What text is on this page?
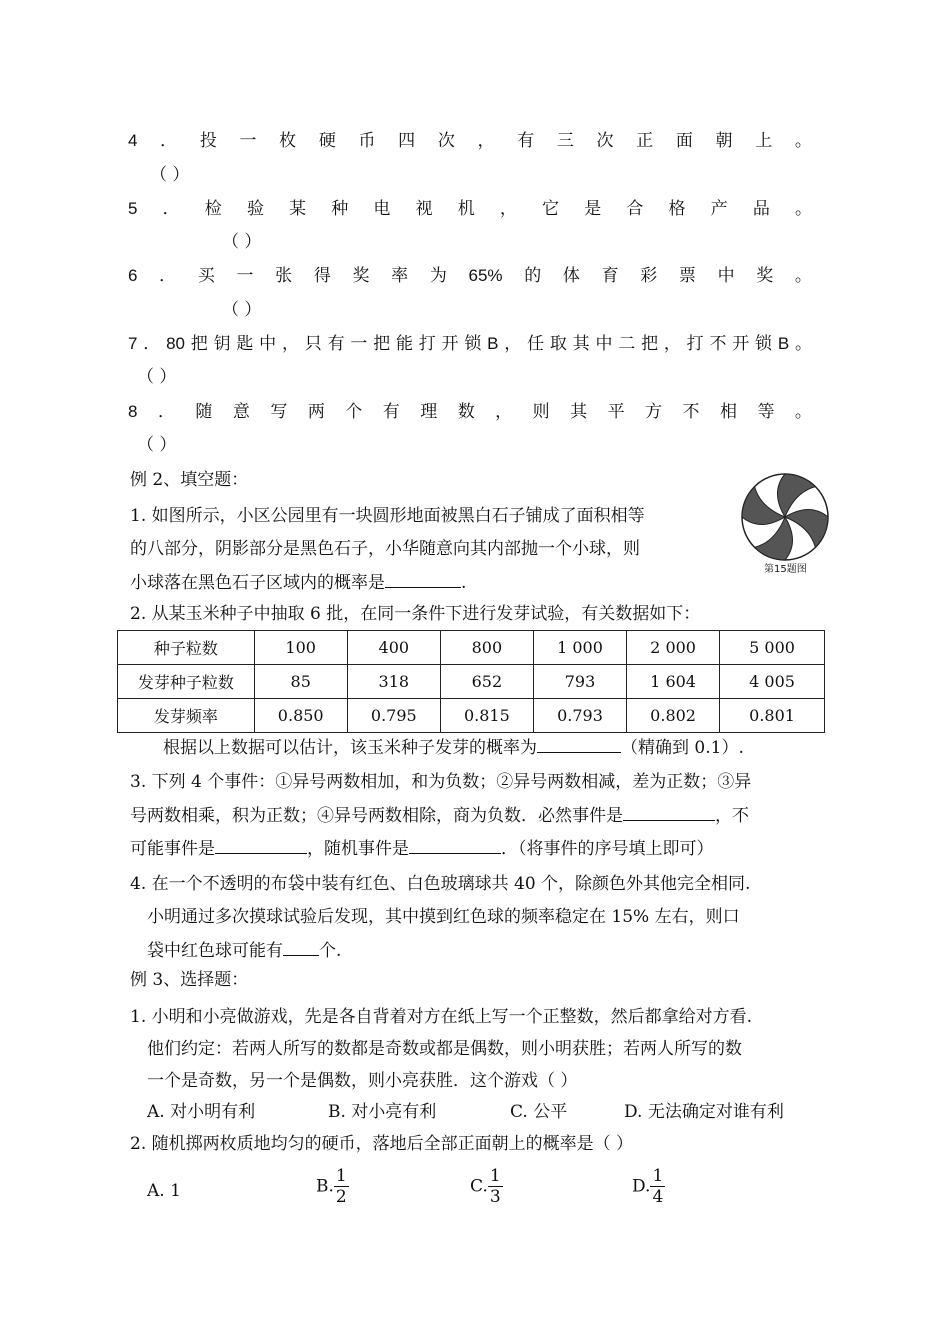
4 ． 投 一 枚 硬 币 四 次 ， 有 三 次 正 面 朝 上 。
（ ）
5 ． 检 验 某 种 电 视 机 ， 它 是 合 格 产 品 。
（ ）
6 ． 买 一 张 得 奖 率 为 65% 的 体 育 彩 票 中 奖 。
（ ）
7 ． 80 把 钥 匙 中 ， 只 有 一 把 能 打 开 锁 B ， 任 取 其 中 二 把 ， 打 不 开 锁 B 。
（ ）
8 ． 随 意 写 两 个 有 理 数 ， 则 其 平 方 不 相 等 。
（ ）
例 2、填空题：
1. 如图所示，小区公园里有一块圆形地面被黑白石子铺成了面积相等
的八部分，阴影部分是黑色石子，小华随意向其内部抛一个小球，则
小球落在黑色石子区域内的概率是	.
第15题图
2. 从某玉米种子中抽取 6 批，在同一条件下进行发芽试验，有关数据如下：
种子粒数	100	400	800	1 000	2 000	5 000
发芽种子粒数	85	318	652	793	1 604	4 005
发芽频率	0.850	0.795	0.815	0.793	0.802	0.801
根据以上数据可以估计，该玉米种子发芽的概率为	（精确到 0.1）.
3. 下列 4 个事件：①异号两数相加，和为负数；②异号两数相减，差为正数；③异
号两数相乘，积为正数；④异号两数相除，商为负数．必然事件是	，不
可能事件是	，随机事件是	．（将事件的序号填上即可）
4. 在一个不透明的布袋中装有红色、白色玻璃球共 40 个，除颜色外其他完全相同.
小明通过多次摸球试验后发现，其中摸到红色球的频率稳定在 15% 左右，则口
袋中红色球可能有 个.
例 3、选择题：
1. 小明和小亮做游戏，先是各自背着对方在纸上写一个正整数，然后都拿给对方看.
他们约定：若两人所写的数都是奇数或都是偶数，则小明获胜；若两人所写的数
一个是奇数，另一个是偶数，则小亮获胜．这个游戏（ ）
A. 对小明有利	B. 对小亮有利	C. 公平	D. 无法确定对谁有利
2. 随机掷两枚质地均匀的硬币，落地后全部正面朝上的概率是（ ）
A. 1	B. $\frac{1}{2}$	C. $\frac{1}{3}$	D. $\frac{1}{4}$
